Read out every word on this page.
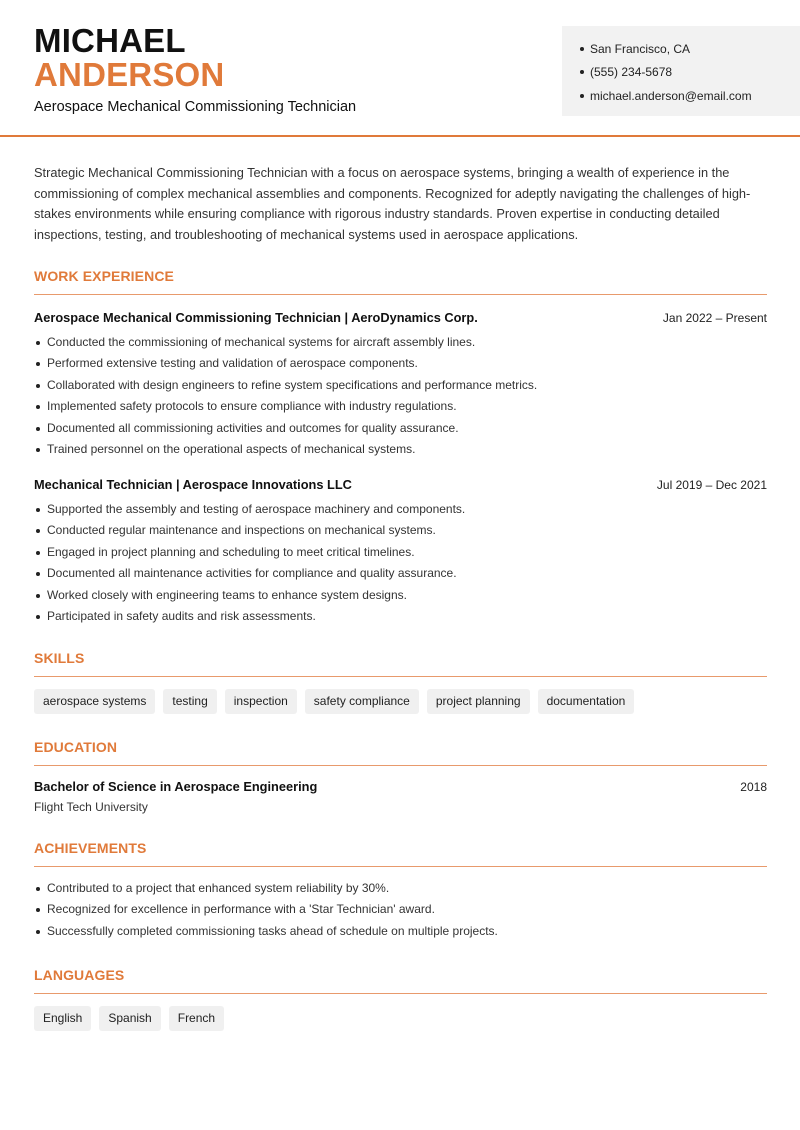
MICHAEL
ANDERSON
Aerospace Mechanical Commissioning Technician
San Francisco, CA
(555) 234-5678
michael.anderson@email.com
Strategic Mechanical Commissioning Technician with a focus on aerospace systems, bringing a wealth of experience in the commissioning of complex mechanical assemblies and components. Recognized for adeptly navigating the challenges of high-stakes environments while ensuring compliance with rigorous industry standards. Proven expertise in conducting detailed inspections, testing, and troubleshooting of mechanical systems used in aerospace applications.
WORK EXPERIENCE
Aerospace Mechanical Commissioning Technician | AeroDynamics Corp.	Jan 2022 – Present
Conducted the commissioning of mechanical systems for aircraft assembly lines.
Performed extensive testing and validation of aerospace components.
Collaborated with design engineers to refine system specifications and performance metrics.
Implemented safety protocols to ensure compliance with industry regulations.
Documented all commissioning activities and outcomes for quality assurance.
Trained personnel on the operational aspects of mechanical systems.
Mechanical Technician | Aerospace Innovations LLC	Jul 2019 – Dec 2021
Supported the assembly and testing of aerospace machinery and components.
Conducted regular maintenance and inspections on mechanical systems.
Engaged in project planning and scheduling to meet critical timelines.
Documented all maintenance activities for compliance and quality assurance.
Worked closely with engineering teams to enhance system designs.
Participated in safety audits and risk assessments.
SKILLS
aerospace systems	testing	inspection	safety compliance	project planning	documentation
EDUCATION
Bachelor of Science in Aerospace Engineering	2018
Flight Tech University
ACHIEVEMENTS
Contributed to a project that enhanced system reliability by 30%.
Recognized for excellence in performance with a 'Star Technician' award.
Successfully completed commissioning tasks ahead of schedule on multiple projects.
LANGUAGES
English	Spanish	French
